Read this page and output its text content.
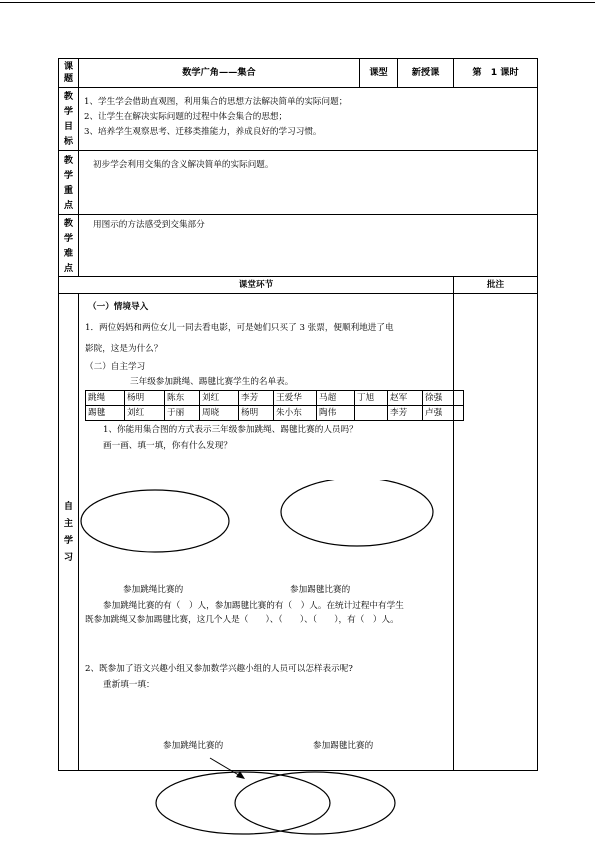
课
题
数学广角——集合	课型	新授课	第　1 课时
教
学
目
标
1、学生学会借助直观图，利用集合的思想方法解决简单的实际问题；
2、让学生在解决实际问题的过程中体会集合的思想；
3、培养学生观察思考、迁移类推能力，养成良好的学习习惯。
教
学
重
点
初步学会利用交集的含义解决简单的实际问题。
教
学
难
点
用图示的方法感受到交集部分
课堂环节	批注
自
主
学
习
（一）情境导入
1．两位妈妈和两位女儿一同去看电影，可是她们只买了 3 张票，便顺利地进了电
影院，这是为什么？
（二）自主学习
三年级参加跳绳、踢毽比赛学生的名单表。
跳绳	杨明	陈东	刘红	李芳	王爱华	马超	丁旭	赵军	徐强
踢毽	刘红	于丽	周晓	杨明	朱小东	陶伟		李芳	卢强
1、你能用集合图的方式表示三年级参加跳绳、踢毽比赛的人员吗？
画一画、填一填，你有什么发现？
参加跳绳比赛的	参加踢毽比赛的
参加跳绳比赛的有（　）人，参加踢毽比赛的有（　）人。在统计过程中有学生
既参加跳绳又参加踢毽比赛，这几个人是（　　）、（　　）、（　　），有（　）人。
2、既参加了语文兴趣小组又参加数学兴趣小组的人员可以怎样表示呢?
重新填一填：
参加跳绳比赛的	参加踢毽比赛的
